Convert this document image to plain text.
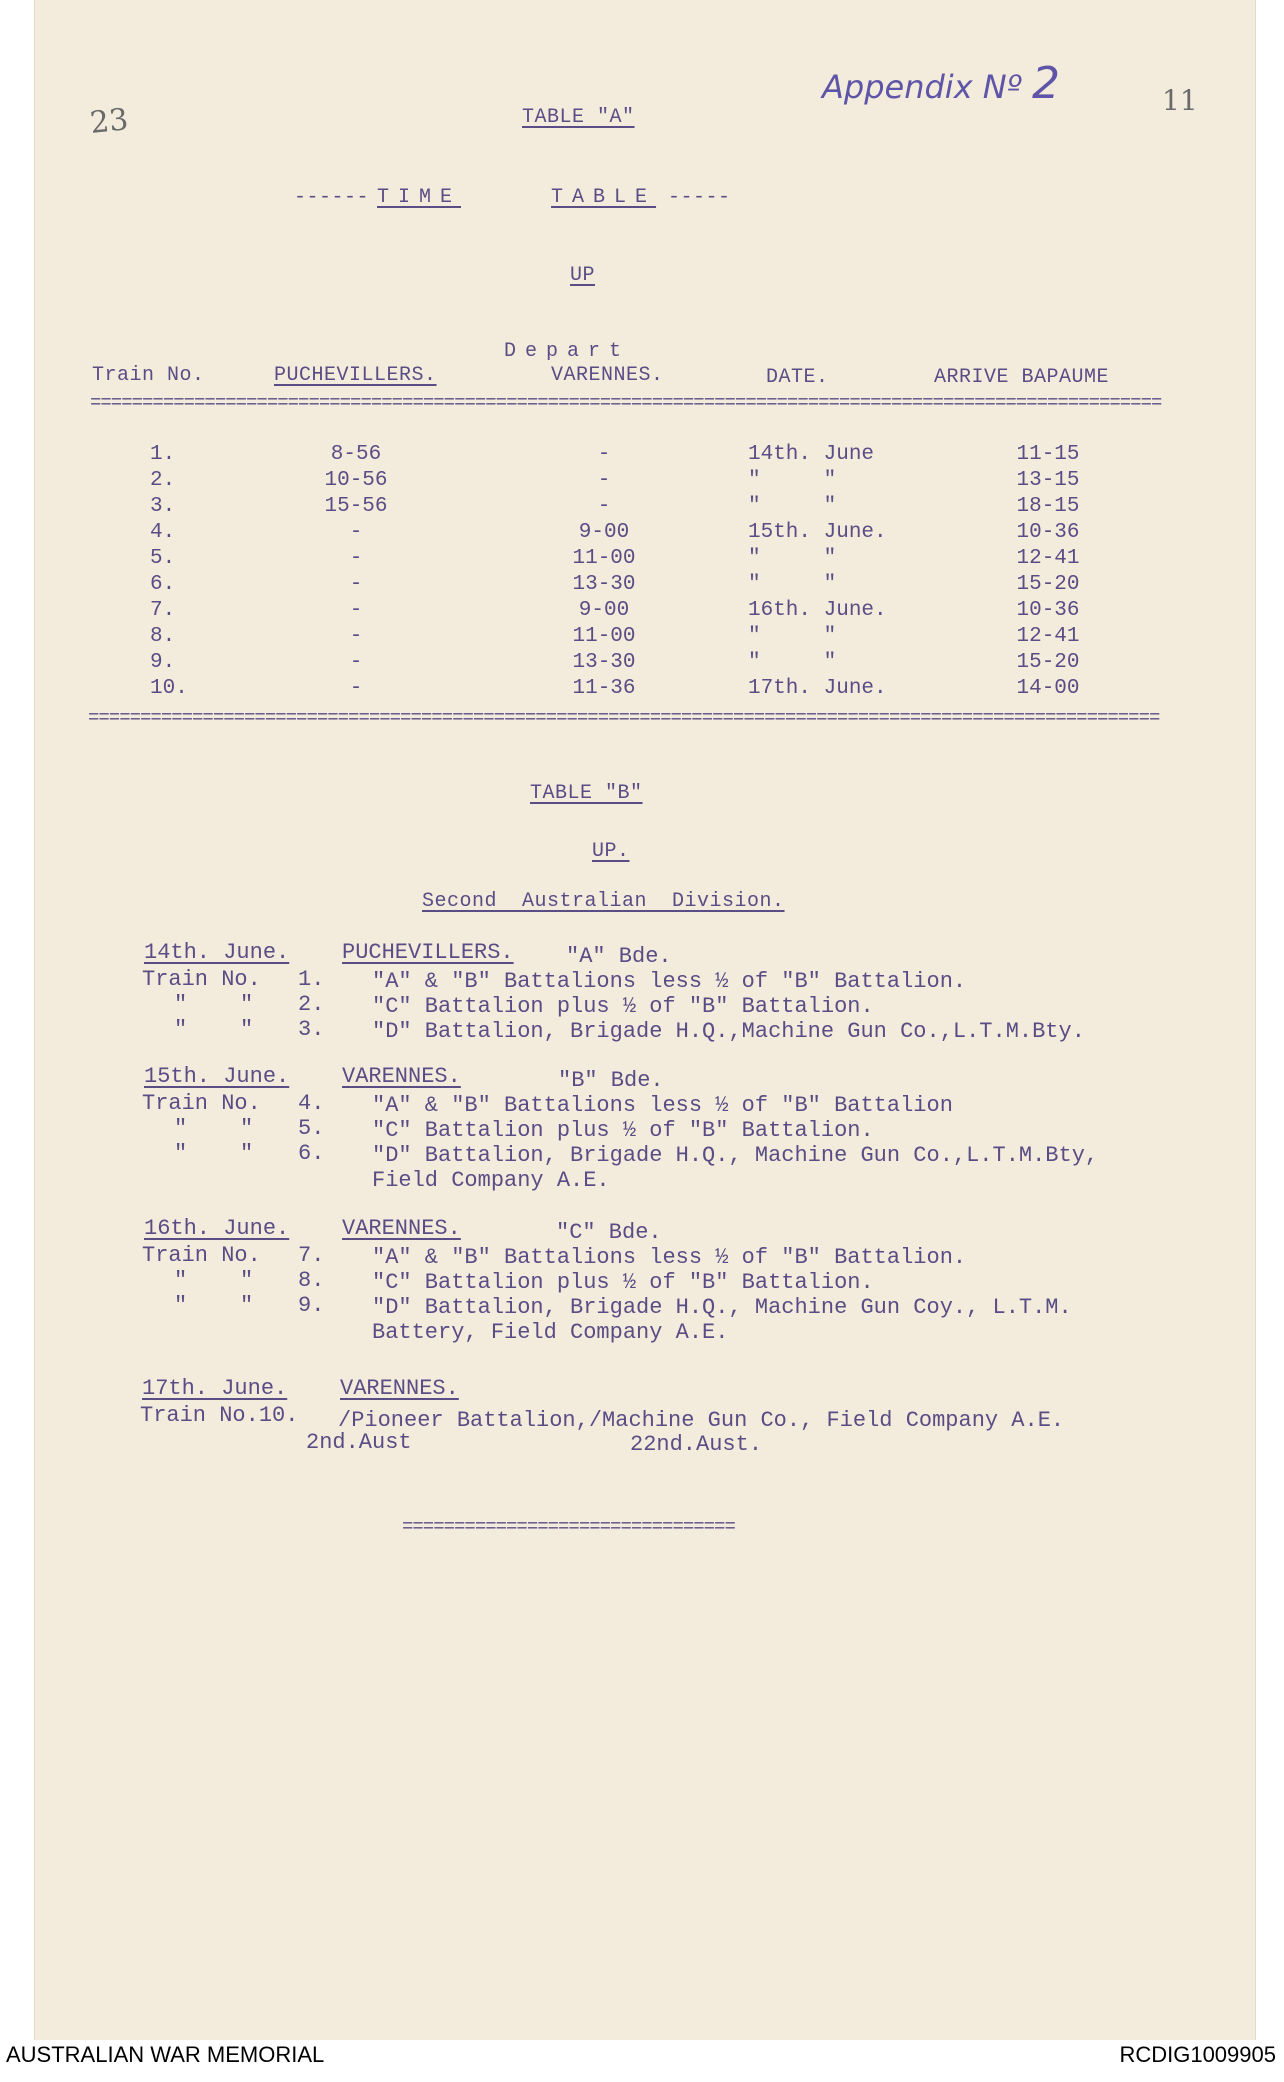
23
11
Appendix Nº 2
TABLE "A"
------ TIME	TABLE -----
UP
Depart
Train No.	PUCHEVILLERS.	VARENNES.	DATE.	ARRIVE BAPAUME
=======================================================================================================
1.	8-56	-	14th. June	11-15
2.	10-56	-	"     "	13-15
3.	15-56	-	"     "	18-15
4.	-	9-00	15th. June.	10-36
5.	-	11-00	"     "	12-41
6.	-	13-30	"     "	15-20
7.	-	9-00	16th. June.	10-36
8.	-	11-00	"     "	12-41
9.	-	13-30	"     "	15-20
10.	-	11-36	17th. June.	14-00
=======================================================================================================
TABLE "B"
UP.
Second  Australian  Division.
14th. June. PUCHEVILLERS. "A" Bde.
Train No. 1. "A" & "B" Battalions less ½ of "B" Battalion.
"    " 2. "C" Battalion plus ½ of "B" Battalion.
"    " 3. "D" Battalion, Brigade H.Q.,Machine Gun Co.,L.T.M.Bty.
15th. June. VARENNES.	"B" Bde.
Train No. 4. "A" & "B" Battalions less ½ of "B" Battalion
"    " 5. "C" Battalion plus ½ of "B" Battalion.
"    " 6. "D" Battalion, Brigade H.Q., Machine Gun Co.,L.T.M.Bty,
Field Company A.E.
16th. June. VARENNES.	"C" Bde.
Train No. 7. "A" & "B" Battalions less ½ of "B" Battalion.
"    " 8. "C" Battalion plus ½ of "B" Battalion.
"    " 9. "D" Battalion, Brigade H.Q., Machine Gun Coy., L.T.M.
Battery, Field Company A.E.
17th. June. VARENNES.
Train No.10. /Pioneer Battalion,/Machine Gun Co., Field Company A.E.
2nd.Aust	22nd.Aust.
================================
AUSTRALIAN WAR MEMORIAL	RCDIG1009905
